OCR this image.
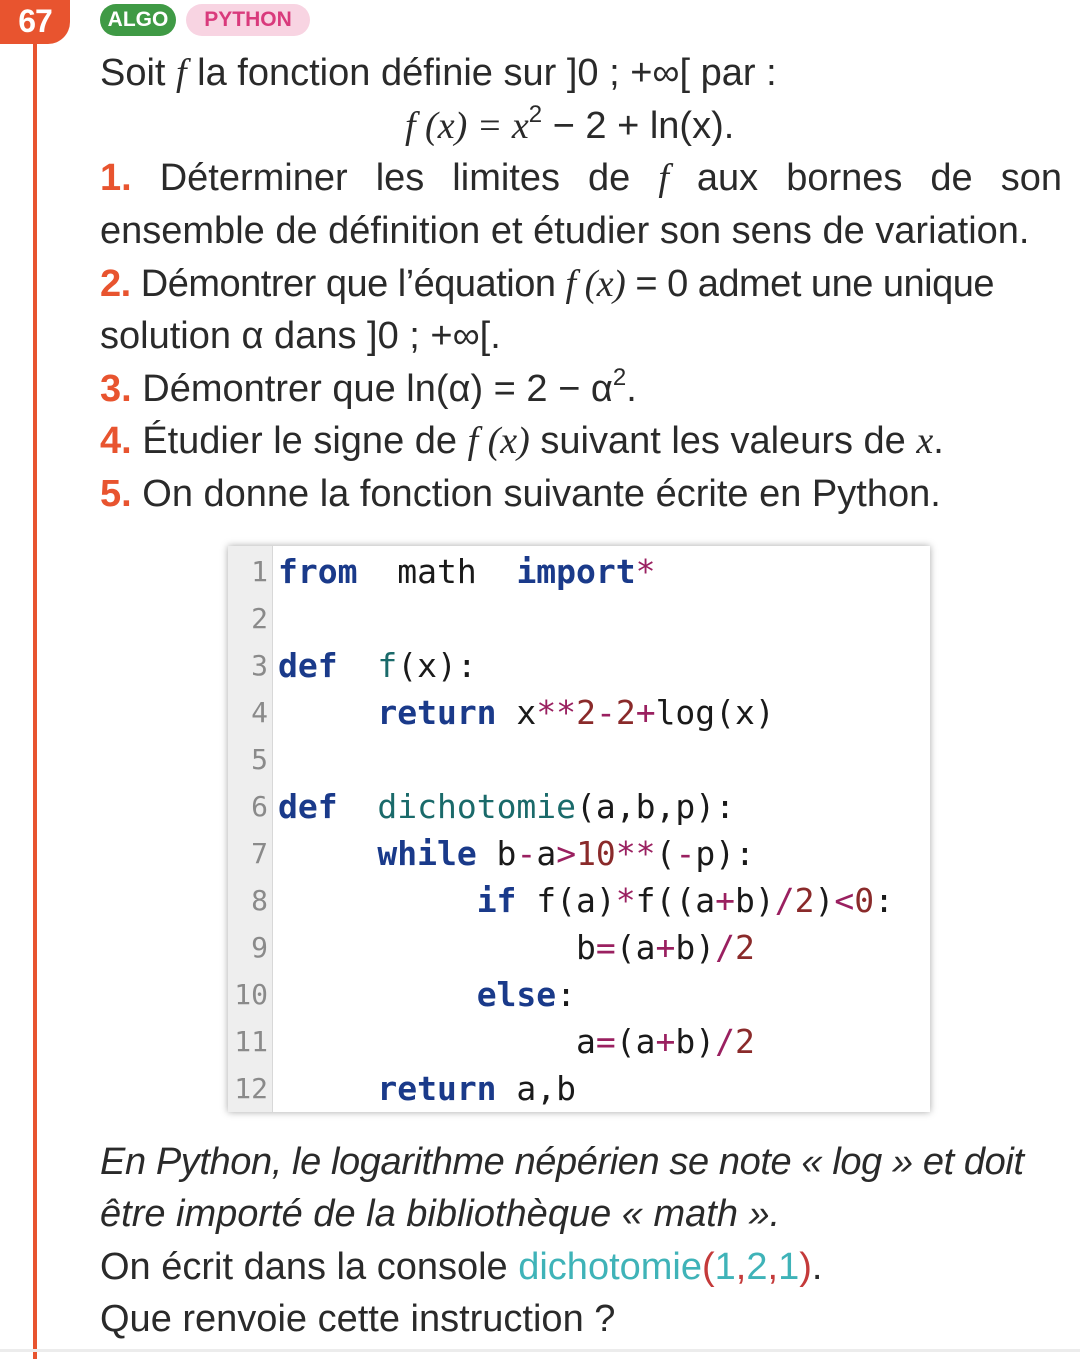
67	ALGO	PYTHON
Soit f la fonction définie sur ]0 ; +∞[ par :
f $(x) = x^2 - 2 + \ln(x)$.
1. Déterminer les limites de f aux bornes de son
ensemble de définition et étudier son sens de variation.
2. Démontrer que l’équation f (x) = 0 admet une unique
solution α dans ]0 ; +∞[.
3. Démontrer que $\ln(\alpha) = 2 - \alpha^2$.
4. Étudier le signe de f (x) suivant les valeurs de x.
5. On donne la fonction suivante écrite en Python.
1
2
3
4
5
6
7
8
9
10
11
12
from  math  import*
def f(x):
return x**2-2+log(x)
def dichotomie(a,b,p):
while b-a>10**(-p):
if f(a)*f((a+b)/2)<0:
b=(a+b)/2
else:
a=(a+b)/2
return a,b
En Python, le logarithme népérien se note « log » et doit
être importé de la bibliothèque « math ».
On écrit dans la console dichotomie(1,2,1).
Que renvoie cette instruction ?
